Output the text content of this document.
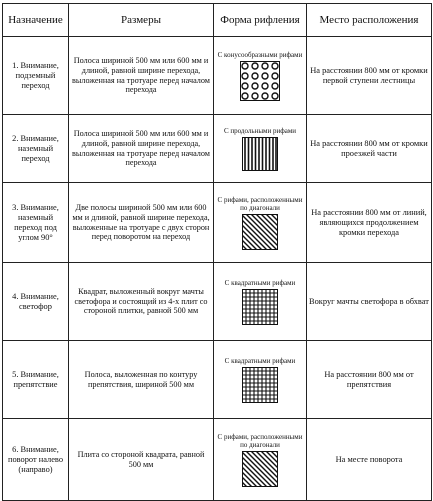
Назначение	Размеры	Форма рифления	Место расположения
1. Внимание, подземный переход	Полоса шириной 500 мм или 600 мм и длиной, равной ширине перехода, выложенная на тротуаре перед началом перехода	С конусообразными рифами	На расстоянии 800 мм от кромки первой ступени лестницы
2. Внимание, наземный переход	Полоса шириной 500 мм или 600 мм и длиной, равной ширине перехода, выложенная на тротуаре перед началом перехода	С продольными рифами	На расстоянии 800 мм от кромки проезжей части
3. Внимание, наземный переход под углом 90°	Две полосы шириной 500 мм или 600 мм и длиной, равной ширине перехода, выложенные на тротуаре с двух сторон перед поворотом на переход	С рифами, расположенными по диагонали	На расстоянии 800 мм от линий, являющихся продолжением кромки перехода
4. Внимание, светофор	Квадрат, выложенный вокруг мачты светофора и состоящий из 4-х плит со стороной плитки, равной 500 мм	С квадратными рифами	Вокруг мачты светофора в обхват
5. Внимание, препятствие	Полоса, выложенная по контуру препятствия, шириной 500 мм	С квадратными рифами	На расстоянии 800 мм от препятствия
6. Внимание, поворот налево (направо)	Плита со стороной квадрата, равной 500 мм	С рифами, расположенными по диагонали	На месте поворота
